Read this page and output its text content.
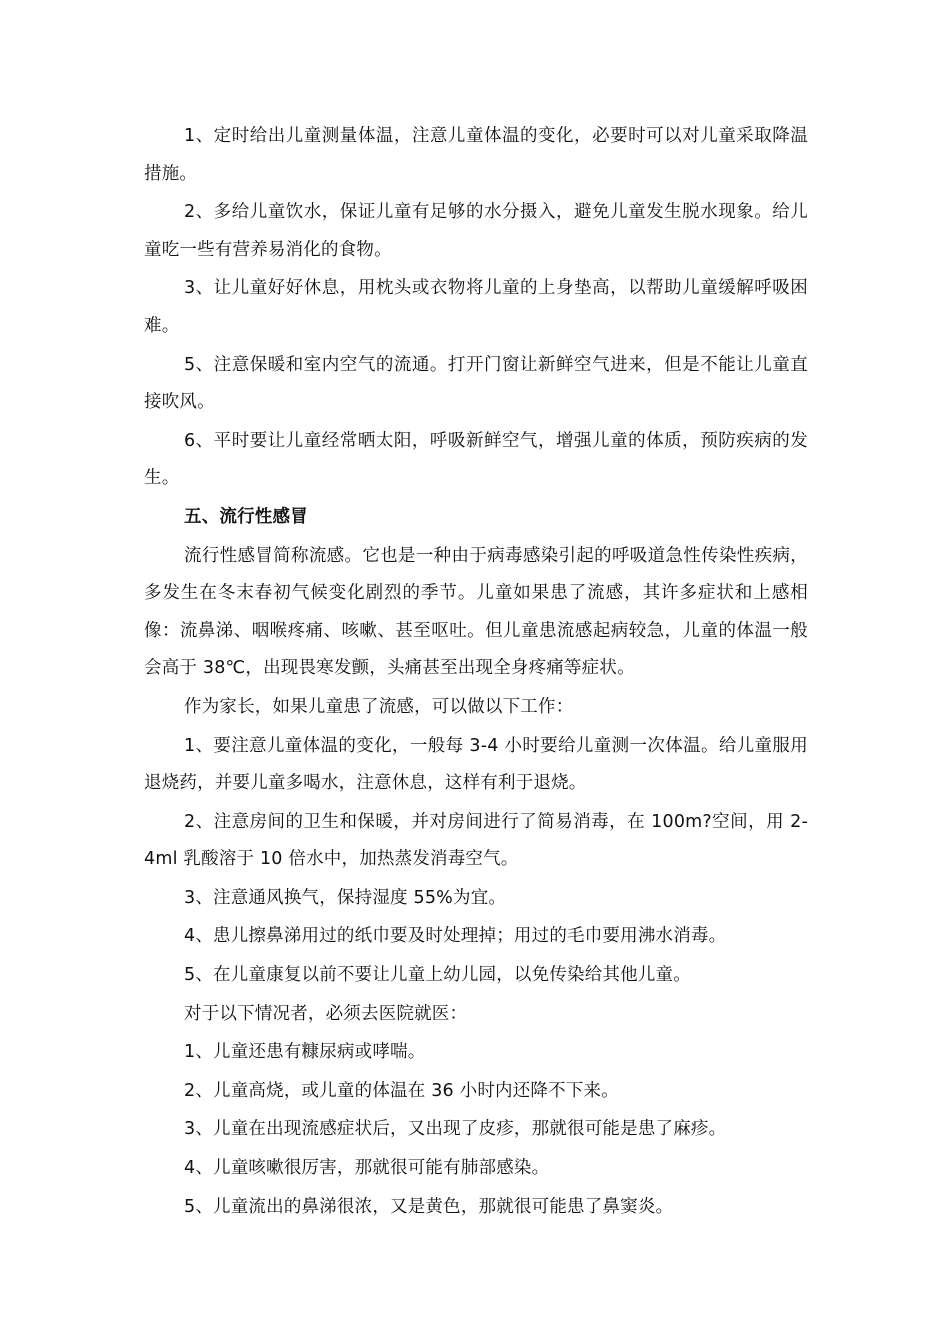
1、定时给出儿童测量体温，注意儿童体温的变化，必要时可以对儿童采取降温措施。

2、多给儿童饮水，保证儿童有足够的水分摄入，避免儿童发生脱水现象。给儿童吃一些有营养易消化的食物。

3、让儿童好好休息，用枕头或衣物将儿童的上身垫高，以帮助儿童缓解呼吸困难。

5、注意保暖和室内空气的流通。打开门窗让新鲜空气进来，但是不能让儿童直接吹风。

6、平时要让儿童经常晒太阳，呼吸新鲜空气，增强儿童的体质，预防疾病的发生。

五、流行性感冒

流行性感冒简称流感。它也是一种由于病毒感染引起的呼吸道急性传染性疾病，多发生在冬末春初气候变化剧烈的季节。儿童如果患了流感，其许多症状和上感相像：流鼻涕、咽喉疼痛、咳嗽、甚至呕吐。但儿童患流感起病较急，儿童的体温一般会高于 38℃，出现畏寒发颤，头痛甚至出现全身疼痛等症状。

作为家长，如果儿童患了流感，可以做以下工作：

1、要注意儿童体温的变化，一般每 3-4 小时要给儿童测一次体温。给儿童服用退烧药，并要儿童多喝水，注意休息，这样有利于退烧。

2、注意房间的卫生和保暖，并对房间进行了简易消毒，在 100m?空间，用 2-4ml 乳酸溶于 10 倍水中，加热蒸发消毒空气。

3、注意通风换气，保持湿度 55%为宜。

4、患儿擦鼻涕用过的纸巾要及时处理掉；用过的毛巾要用沸水消毒。

5、在儿童康复以前不要让儿童上幼儿园，以免传染给其他儿童。

对于以下情况者，必须去医院就医：

1、儿童还患有糠尿病或哮喘。

2、儿童高烧，或儿童的体温在 36 小时内还降不下来。

3、儿童在出现流感症状后，又出现了皮疹，那就很可能是患了麻疹。

4、儿童咳嗽很厉害，那就很可能有肺部感染。

5、儿童流出的鼻涕很浓，又是黄色，那就很可能患了鼻窦炎。
